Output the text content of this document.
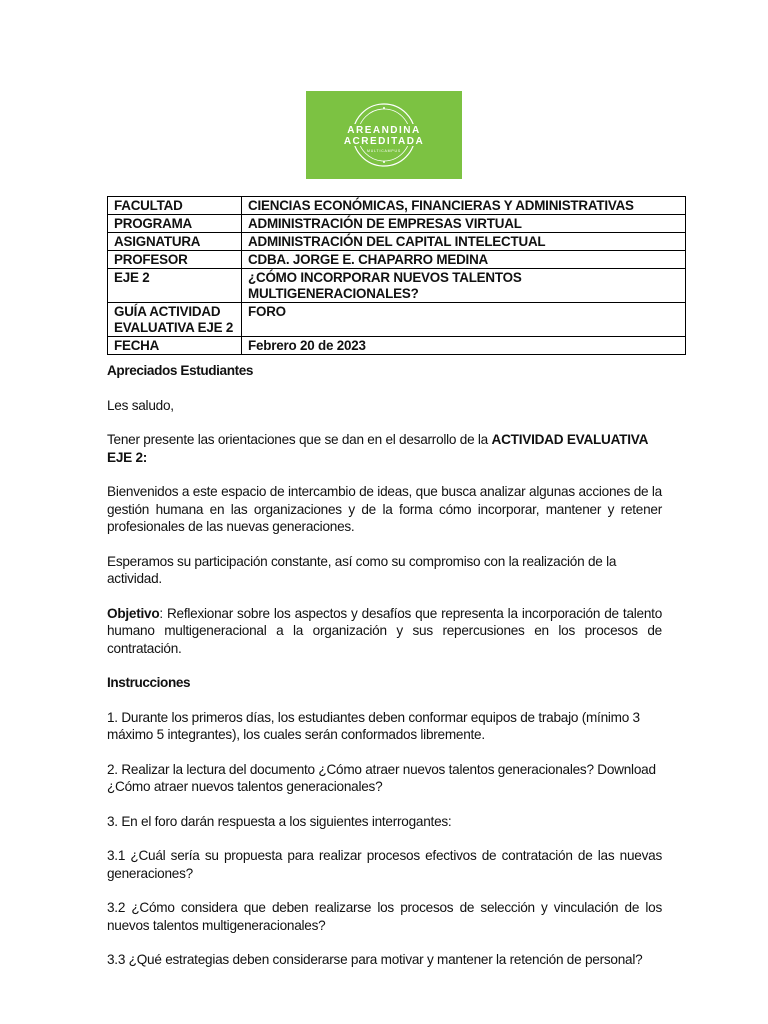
AREANDINA
ACREDITADA
MULTICAMPUS
FACULTAD	CIENCIAS ECONÓMICAS, FINANCIERAS Y ADMINISTRATIVAS
PROGRAMA	ADMINISTRACIÓN DE EMPRESAS VIRTUAL
ASIGNATURA	ADMINISTRACIÓN DEL CAPITAL INTELECTUAL
PROFESOR	CDBA. JORGE E. CHAPARRO MEDINA
EJE 2	¿CÓMO INCORPORAR NUEVOS TALENTOS MULTIGENERACIONALES?
GUÍA ACTIVIDAD
EVALUATIVA EJE 2	FORO
FECHA	Febrero 20 de 2023

Apreciados Estudiantes

Les saludo,

Tener presente las orientaciones que se dan en el desarrollo de la ACTIVIDAD EVALUATIVA EJE 2:

Bienvenidos a este espacio de intercambio de ideas, que busca analizar algunas acciones de la gestión humana en las organizaciones y de la forma cómo incorporar, mantener y retener profesionales de las nuevas generaciones.

Esperamos su participación constante, así como su compromiso con la realización de la actividad.

Objetivo: Reflexionar sobre los aspectos y desafíos que representa la incorporación de talento humano multigeneracional a la organización y sus repercusiones en los procesos de contratación.

Instrucciones

1. Durante los primeros días, los estudiantes deben conformar equipos de trabajo (mínimo 3 máximo 5 integrantes), los cuales serán conformados libremente.

2. Realizar la lectura del documento ¿Cómo atraer nuevos talentos generacionales? Download ¿Cómo atraer nuevos talentos generacionales?

3. En el foro darán respuesta a los siguientes interrogantes:

3.1 ¿Cuál sería su propuesta para realizar procesos efectivos de contratación de las nuevas generaciones?

3.2 ¿Cómo considera que deben realizarse los procesos de selección y vinculación de los nuevos talentos multigeneracionales?

3.3 ¿Qué estrategias deben considerarse para motivar y mantener la retención de personal?
